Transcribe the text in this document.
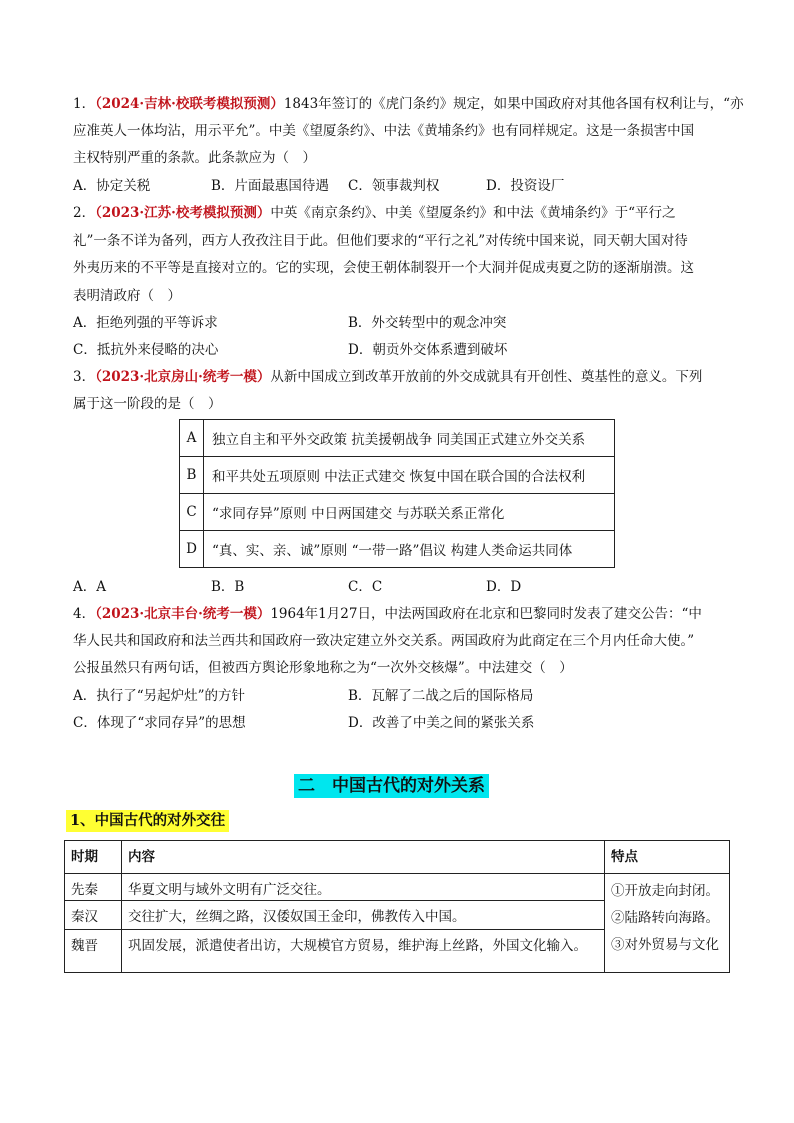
1．（2024·吉林·校联考模拟预测）1843年签订的《虎门条约》规定，如果中国政府对其他各国有权利让与，“亦
应准英人一体均沾，用示平允”。中美《望厦条约》、中法《黄埔条约》也有同样规定。这是一条损害中国
主权特别严重的条款。此条款应为（　）
A．协定关税	B．片面最惠国待遇 C．领事裁判权	D．投资设厂
2．（2023·江苏·校考模拟预测）中英《南京条约》、中美《望厦条约》和中法《黄埔条约》于“平行之
礼”一条不详为备列，西方人孜孜注目于此。但他们要求的“平行之礼”对传统中国来说，同天朝大国对待
外夷历来的不平等是直接对立的。它的实现，会使王朝体制裂开一个大洞并促成夷夏之防的逐渐崩溃。这
表明清政府（　）
A．拒绝列强的平等诉求	B．外交转型中的观念冲突
C．抵抗外来侵略的决心	D．朝贡外交体系遭到破坏
3．（2023·北京房山·统考一模）从新中国成立到改革开放前的外交成就具有开创性、奠基性的意义。下列
属于这一阶段的是（　）
A	独立自主和平外交政策 抗美援朝战争 同美国正式建立外交关系
B	和平共处五项原则 中法正式建交 恢复中国在联合国的合法权利
C	“求同存异”原则 中日两国建交 与苏联关系正常化
D	“真、实、亲、诚”原则 “一带一路”倡议 构建人类命运共同体
A．A	B．B	C．C	D．D
4．（2023·北京丰台·统考一模）1964年1月27日，中法两国政府在北京和巴黎同时发表了建交公告：“中
华人民共和国政府和法兰西共和国政府一致决定建立外交关系。两国政府为此商定在三个月内任命大使。”
公报虽然只有两句话，但被西方舆论形象地称之为“一次外交核爆”。中法建交（　）
A．执行了“另起炉灶”的方针	B．瓦解了二战之后的国际格局
C．体现了“求同存异”的思想	D．改善了中美之间的紧张关系
二　中国古代的对外关系
1、中国古代的对外交往
时期	内容	特点
先秦	华夏文明与域外文明有广泛交往。	①开放走向封闭。
②陆路转向海路。
③对外贸易与文化

秦汉	交往扩大，丝绸之路，汉倭奴国王金印，佛教传入中国。	
魏晋	巩固发展，派遣使者出访，大规模官方贸易，维护海上丝路，外国文化输入。	
